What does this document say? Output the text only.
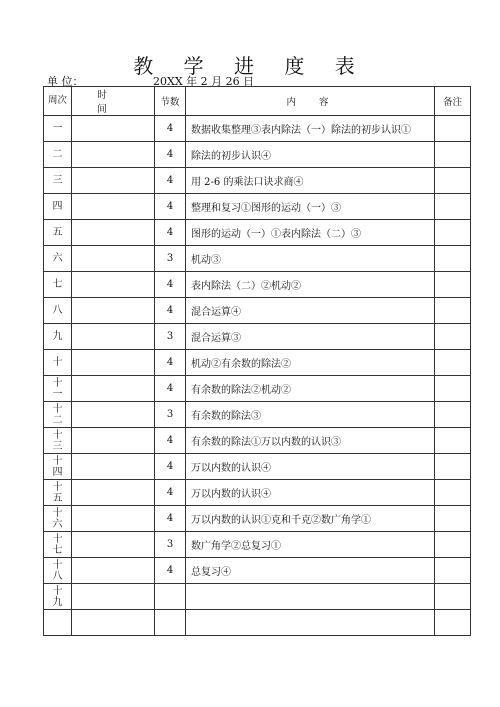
教 学 进 度 表
单 位：	20XX 年 2 月 26 日
周次	时 间	节数	内 容	备注

一		4	数据收集整理③表内除法（一）除法的初步认识①	

二		4	除法的初步认识④	

三		4	用 2-6 的乘法口诀求商④	

四		4	整理和复习①图形的运动（一）③	

五		4	图形的运动（一）①表内除法（二）③	

六		3	机动③	

七		4	表内除法（二）②机动②	

八		4	混合运算④	

九		3	混合运算③	

十		4	机动②有余数的除法②	

十一		4	有余数的除法②机动②	

十二		3	有余数的除法③	

十三		4	有余数的除法①万以内数的认识③	

十四		4	万以内数的认识④	

十五		4	万以内数的认识④	

十六		4	万以内数的认识①克和千克②数广角学①	

十七		3	数广角学②总复习①	

十八		4	总复习④	

十九				
